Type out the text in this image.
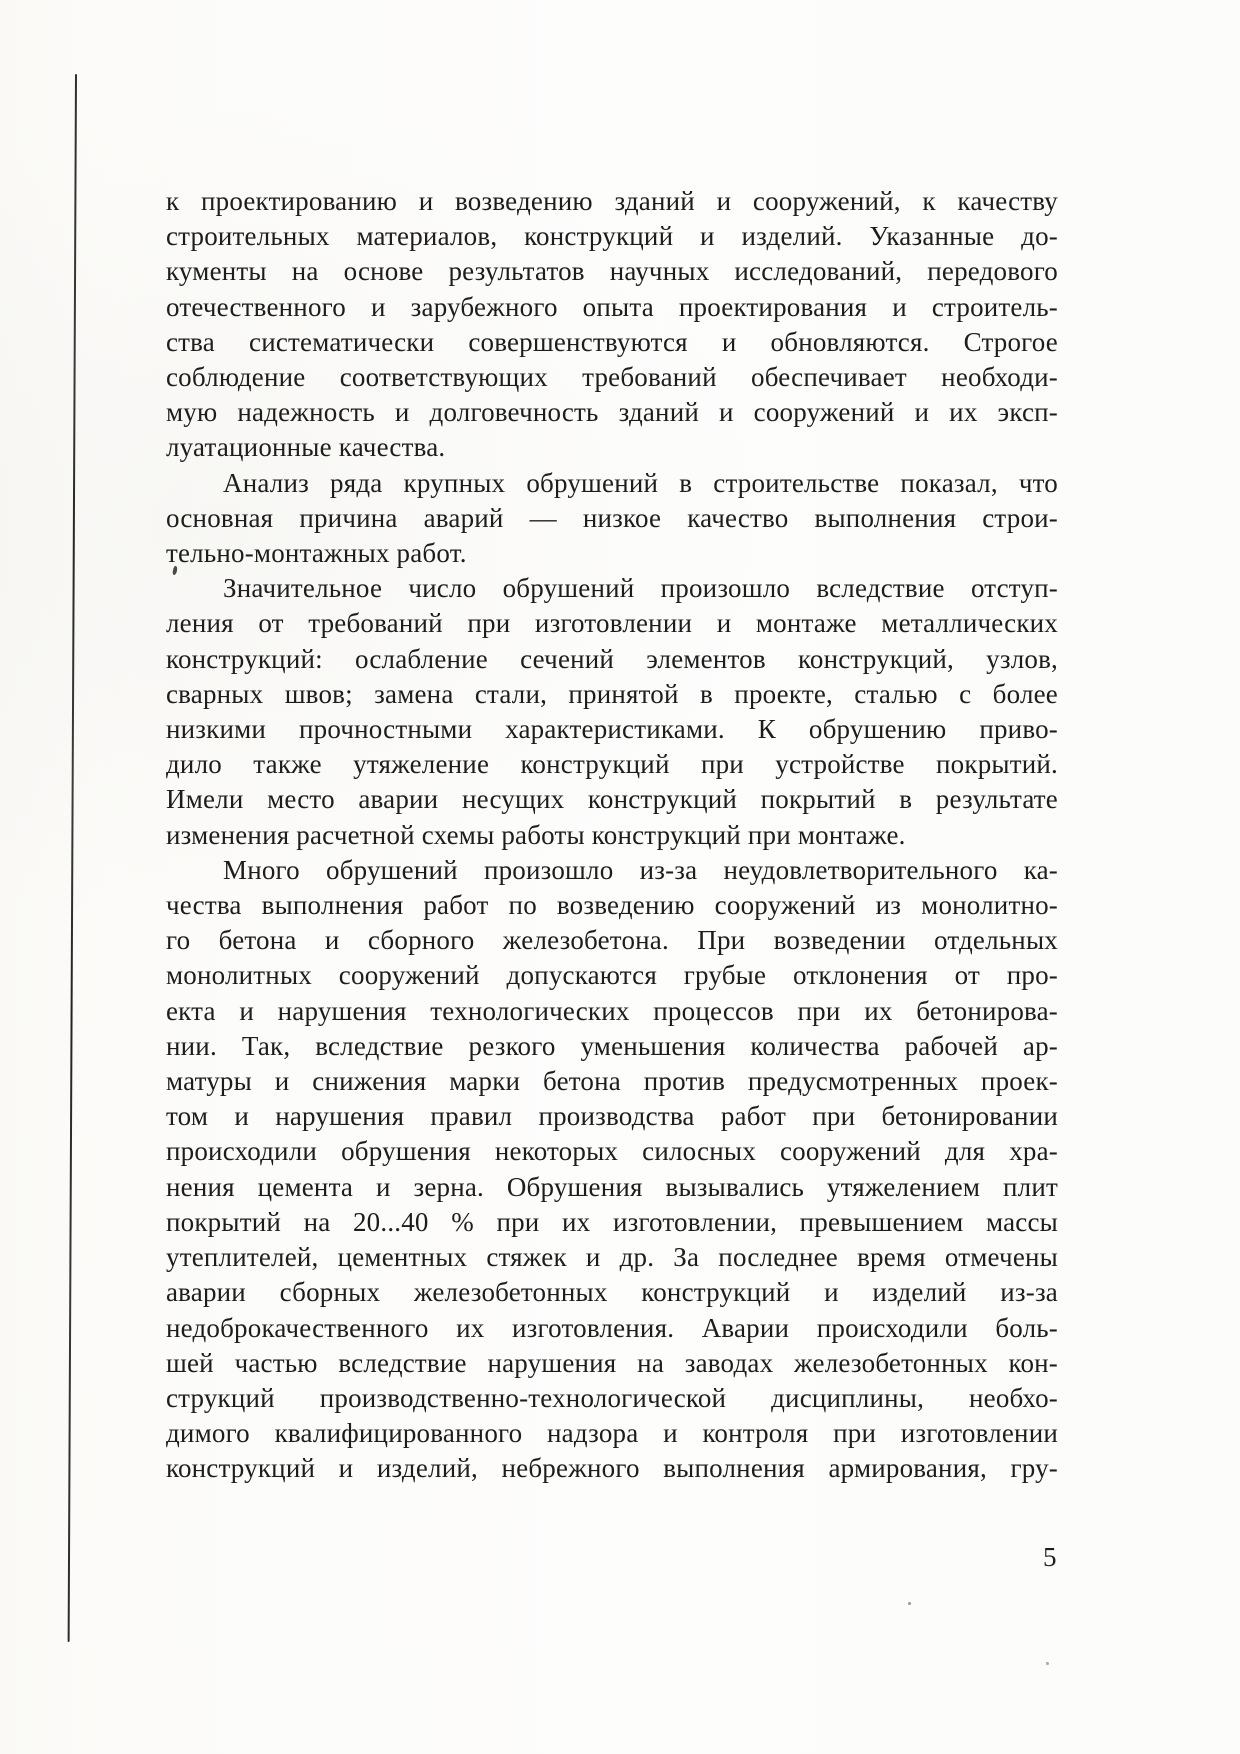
к проектированию и возведению зданий и сооружений, к качеству
строительных материалов, конструкций и изделий. Указанные до-
кументы на основе результатов научных исследований, передового
отечественного и зарубежного опыта проектирования и строитель-
ства систематически совершенствуются и обновляются. Строгое
соблюдение соответствующих требований обеспечивает необходи-
мую надежность и долговечность зданий и сооружений и их эксп-
луатационные качества.
Анализ ряда крупных обрушений в строительстве показал, что
основная причина аварий — низкое качество выполнения строи-
тельно-монтажных работ.
Значительное число обрушений произошло вследствие отступ-
ления от требований при изготовлении и монтаже металлических
конструкций: ослабление сечений элементов конструкций, узлов,
сварных швов; замена стали, принятой в проекте, сталью с более
низкими прочностными характеристиками. К обрушению приво-
дило также утяжеление конструкций при устройстве покрытий.
Имели место аварии несущих конструкций покрытий в результате
изменения расчетной схемы работы конструкций при монтаже.
Много обрушений произошло из-за неудовлетворительного ка-
чества выполнения работ по возведению сооружений из монолитно-
го бетона и сборного железобетона. При возведении отдельных
монолитных сооружений допускаются грубые отклонения от про-
екта и нарушения технологических процессов при их бетонирова-
нии. Так, вследствие резкого уменьшения количества рабочей ар-
матуры и снижения марки бетона против предусмотренных проек-
том и нарушения правил производства работ при бетонировании
происходили обрушения некоторых силосных сооружений для хра-
нения цемента и зерна. Обрушения вызывались утяжелением плит
покрытий на 20...40 % при их изготовлении, превышением массы
утеплителей, цементных стяжек и др. За последнее время отмечены
аварии сборных железобетонных конструкций и изделий из-за
недоброкачественного их изготовления. Аварии происходили боль-
шей частью вследствие нарушения на заводах железобетонных кон-
струкций производственно-технологической дисциплины, необхо-
димого квалифицированного надзора и контроля при изготовлении
конструкций и изделий, небрежного выполнения армирования, гру-
5
